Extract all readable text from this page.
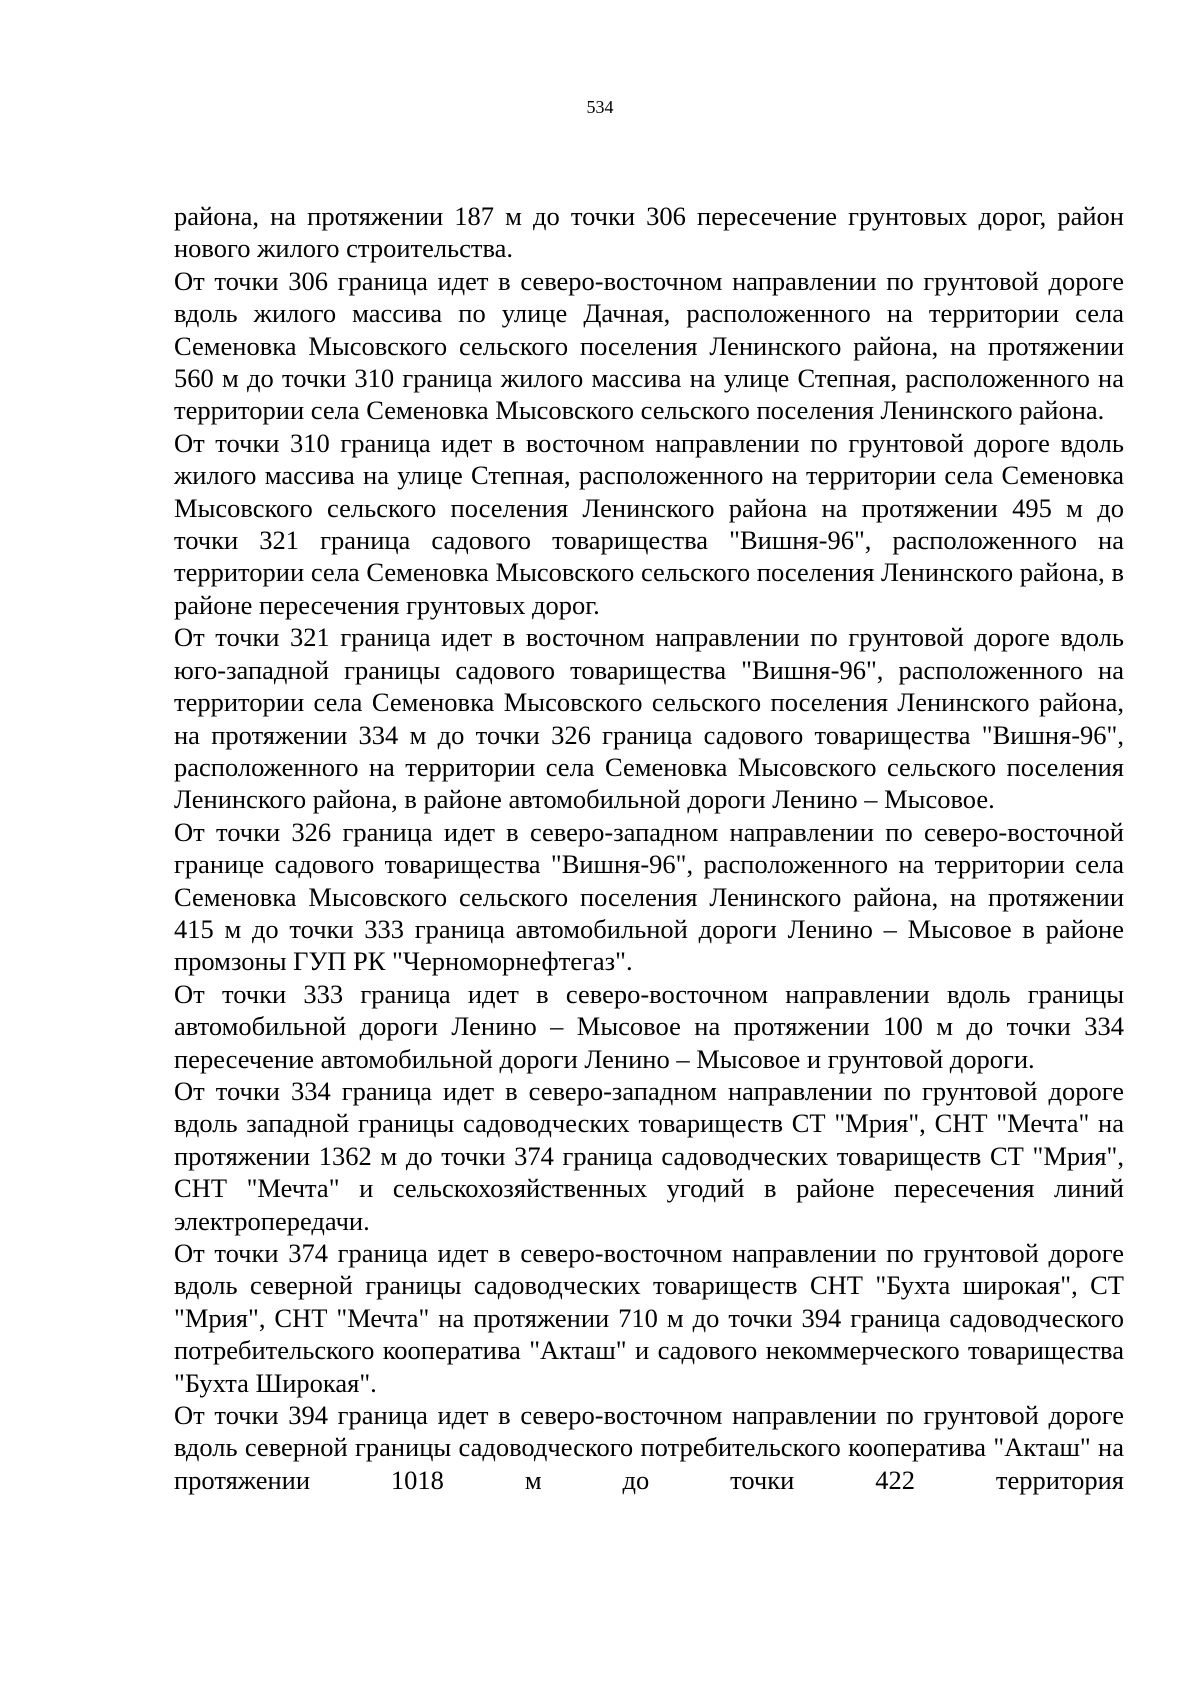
534

района, на протяжении 187 м до точки 306 пересечение грунтовых дорог, район нового жилого строительства.

От точки 306 граница идет в северо-восточном направлении по грунтовой дороге вдоль жилого массива по улице Дачная, расположенного на территории села Семеновка Мысовского сельского поселения Ленинского района, на протяжении 560 м до точки 310 граница жилого массива на улице Степная, расположенного на территории села Семеновка Мысовского сельского поселения Ленинского района.

От точки 310 граница идет в восточном направлении по грунтовой дороге вдоль жилого массива на улице Степная, расположенного на территории села Семеновка Мысовского сельского поселения Ленинского района на протяжении 495 м до точки 321 граница садового товарищества "Вишня-96", расположенного на территории села Семеновка Мысовского сельского поселения Ленинского района, в районе пересечения грунтовых дорог.

От точки 321 граница идет в восточном направлении по грунтовой дороге вдоль юго-западной границы садового товарищества "Вишня-96", расположенного на территории села Семеновка Мысовского сельского поселения Ленинского района, на протяжении 334 м до точки 326 граница садового товарищества "Вишня-96", расположенного на территории села Семеновка Мысовского сельского поселения Ленинского района, в районе автомобильной дороги Ленино – Мысовое.

От точки 326 граница идет в северо-западном направлении по северо-восточной границе садового товарищества "Вишня-96", расположенного на территории села Семеновка Мысовского сельского поселения Ленинского района, на протяжении 415 м до точки 333 граница автомобильной дороги Ленино – Мысовое в районе промзоны ГУП РК "Черноморнефтегаз".

От точки 333 граница идет в северо-восточном направлении вдоль границы автомобильной дороги Ленино – Мысовое на протяжении 100 м до точки 334 пересечение автомобильной дороги Ленино – Мысовое и грунтовой дороги.

От точки 334 граница идет в северо-западном направлении по грунтовой дороге вдоль западной границы садоводческих товариществ СТ "Мрия", СНТ "Мечта" на протяжении 1362 м до точки 374 граница садоводческих товариществ СТ "Мрия", СНТ "Мечта" и сельскохозяйственных угодий в районе пересечения линий электропередачи.

От точки 374 граница идет в северо-восточном направлении по грунтовой дороге вдоль северной границы садоводческих товариществ СНТ "Бухта широкая", СТ "Мрия", СНТ "Мечта" на протяжении 710 м до точки 394 граница садоводческого потребительского кооператива "Акташ" и садового некоммерческого товарищества "Бухта Широкая".

От точки 394 граница идет в северо-восточном направлении по грунтовой дороге вдоль северной границы садоводческого потребительского кооператива "Акташ" на протяжении 1018 м до точки 422 территория
